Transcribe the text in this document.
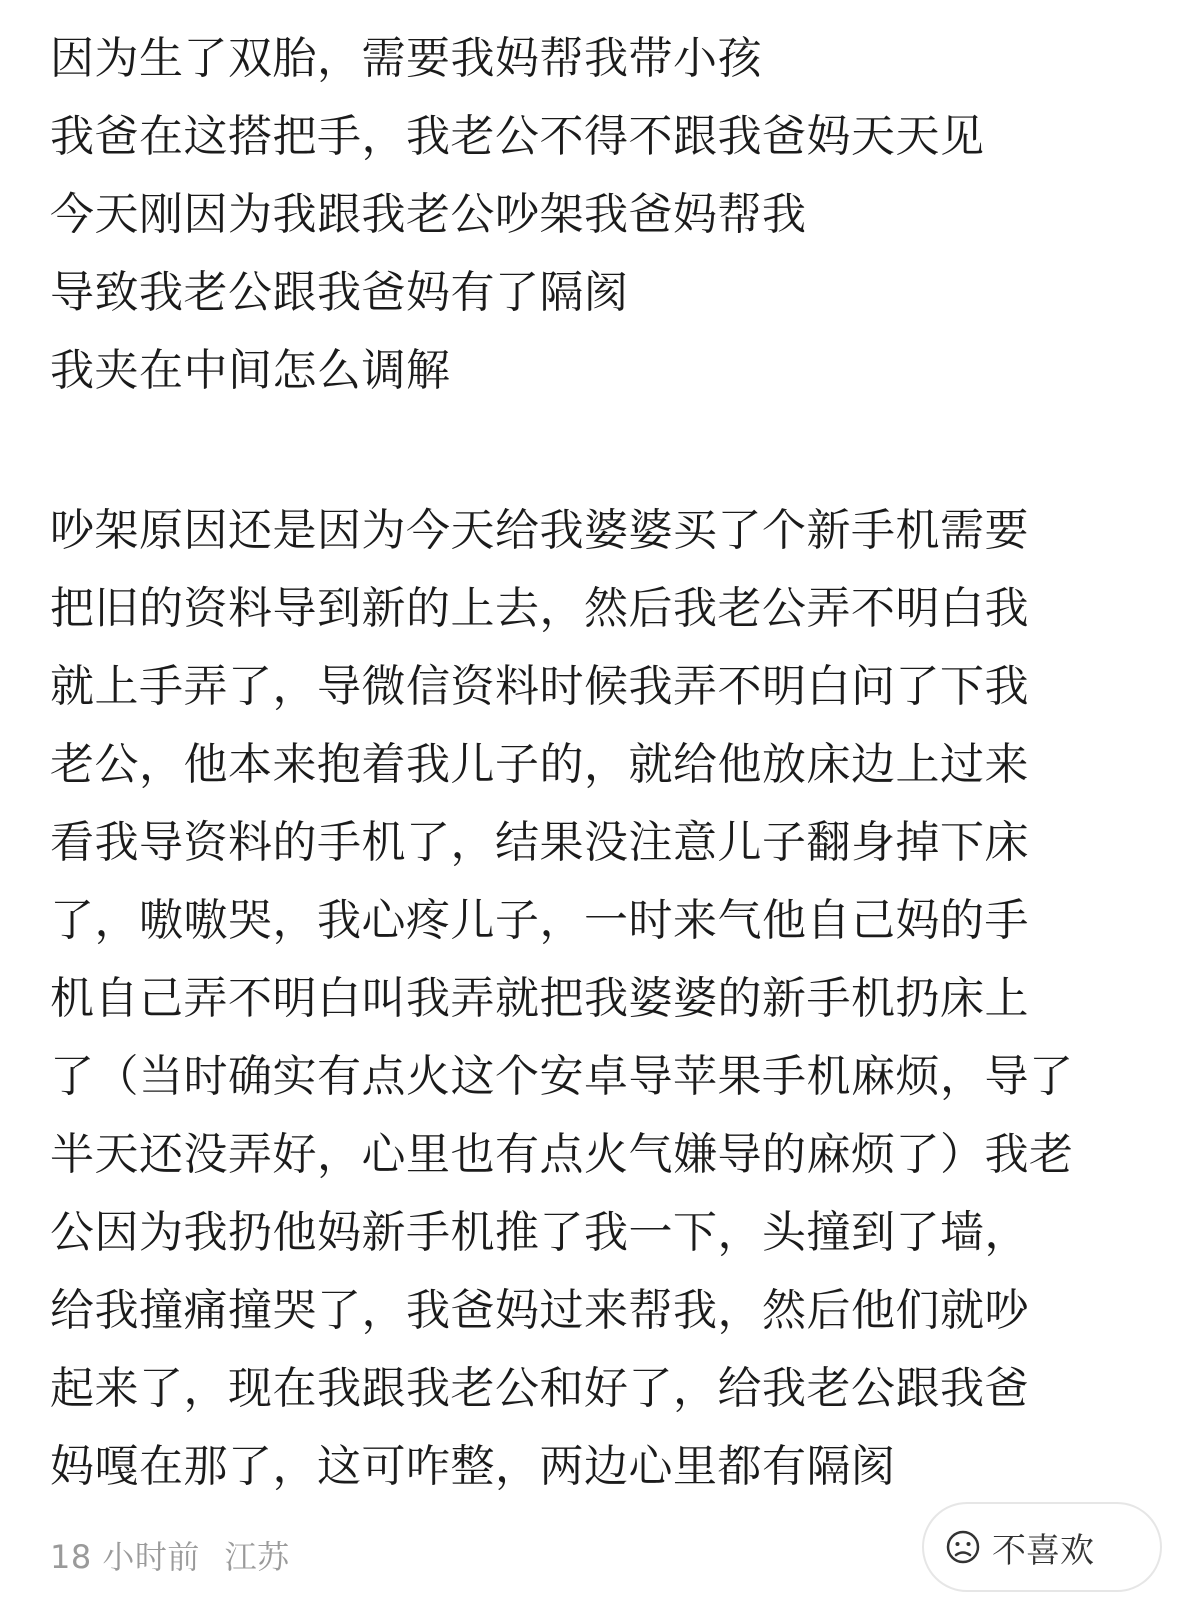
因为生了双胎，需要我妈帮我带小孩
我爸在这搭把手，我老公不得不跟我爸妈天天见
今天刚因为我跟我老公吵架我爸妈帮我
导致我老公跟我爸妈有了隔阂
我夹在中间怎么调解
吵架原因还是因为今天给我婆婆买了个新手机需要
把旧的资料导到新的上去，然后我老公弄不明白我
就上手弄了，导微信资料时候我弄不明白问了下我
老公，他本来抱着我儿子的，就给他放床边上过来
看我导资料的手机了，结果没注意儿子翻身掉下床
了，嗷嗷哭，我心疼儿子，一时来气他自己妈的手
机自己弄不明白叫我弄就把我婆婆的新手机扔床上
了（当时确实有点火这个安卓导苹果手机麻烦，导了
半天还没弄好，心里也有点火气嫌导的麻烦了）我老
公因为我扔他妈新手机推了我一下，头撞到了墙，
给我撞痛撞哭了，我爸妈过来帮我，然后他们就吵
起来了，现在我跟我老公和好了，给我老公跟我爸
妈嘎在那了，这可咋整，两边心里都有隔阂
18 小时前 江苏	不喜欢
